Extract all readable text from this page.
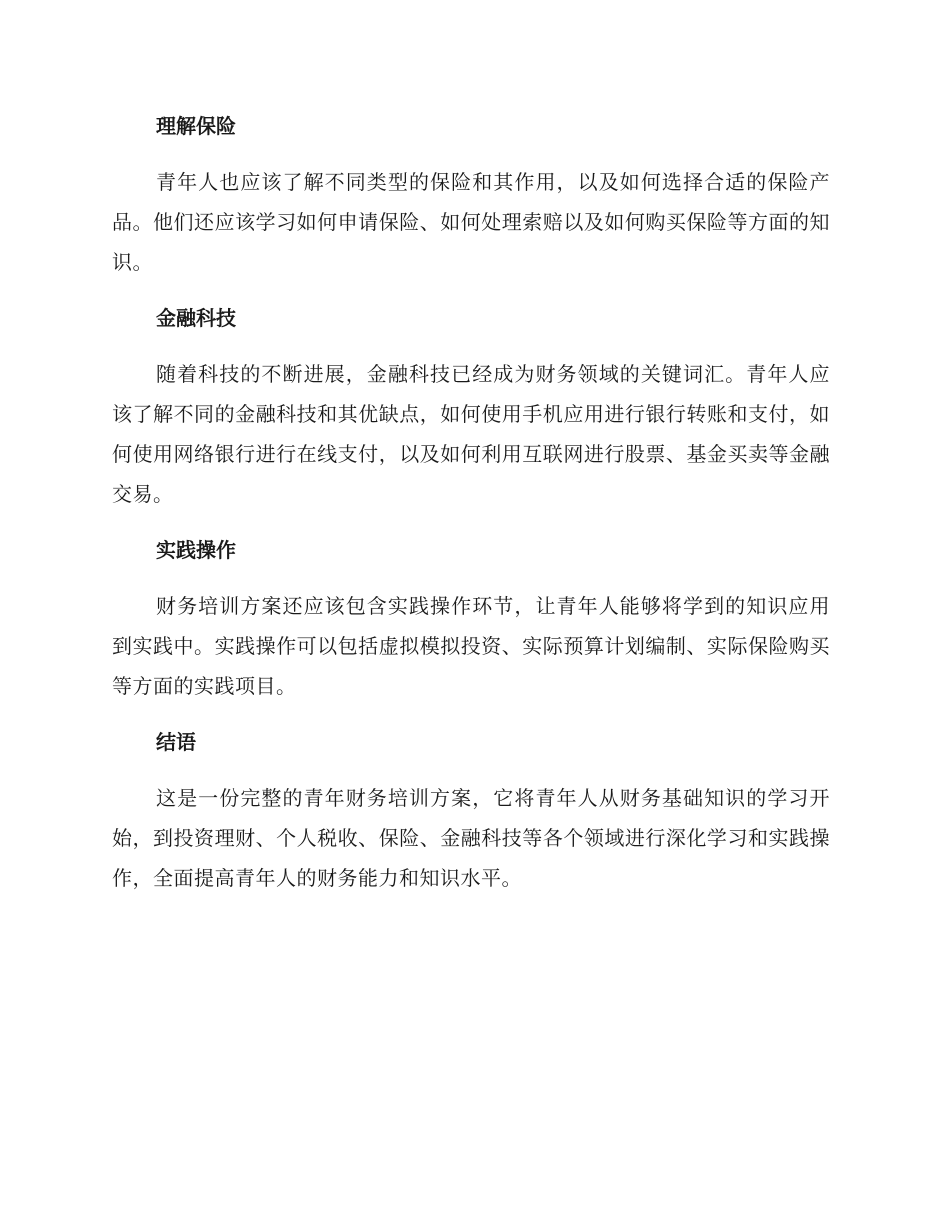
理解保险

青年人也应该了解不同类型的保险和其作用，以及如何选择合适的保险产品。他们还应该学习如何申请保险、如何处理索赔以及如何购买保险等方面的知识。

金融科技

随着科技的不断进展，金融科技已经成为财务领域的关键词汇。青年人应该了解不同的金融科技和其优缺点，如何使用手机应用进行银行转账和支付，如何使用网络银行进行在线支付，以及如何利用互联网进行股票、基金买卖等金融交易。

实践操作

财务培训方案还应该包含实践操作环节，让青年人能够将学到的知识应用到实践中。实践操作可以包括虚拟模拟投资、实际预算计划编制、实际保险购买等方面的实践项目。

结语

这是一份完整的青年财务培训方案，它将青年人从财务基础知识的学习开始，到投资理财、个人税收、保险、金融科技等各个领域进行深化学习和实践操作，全面提高青年人的财务能力和知识水平。
